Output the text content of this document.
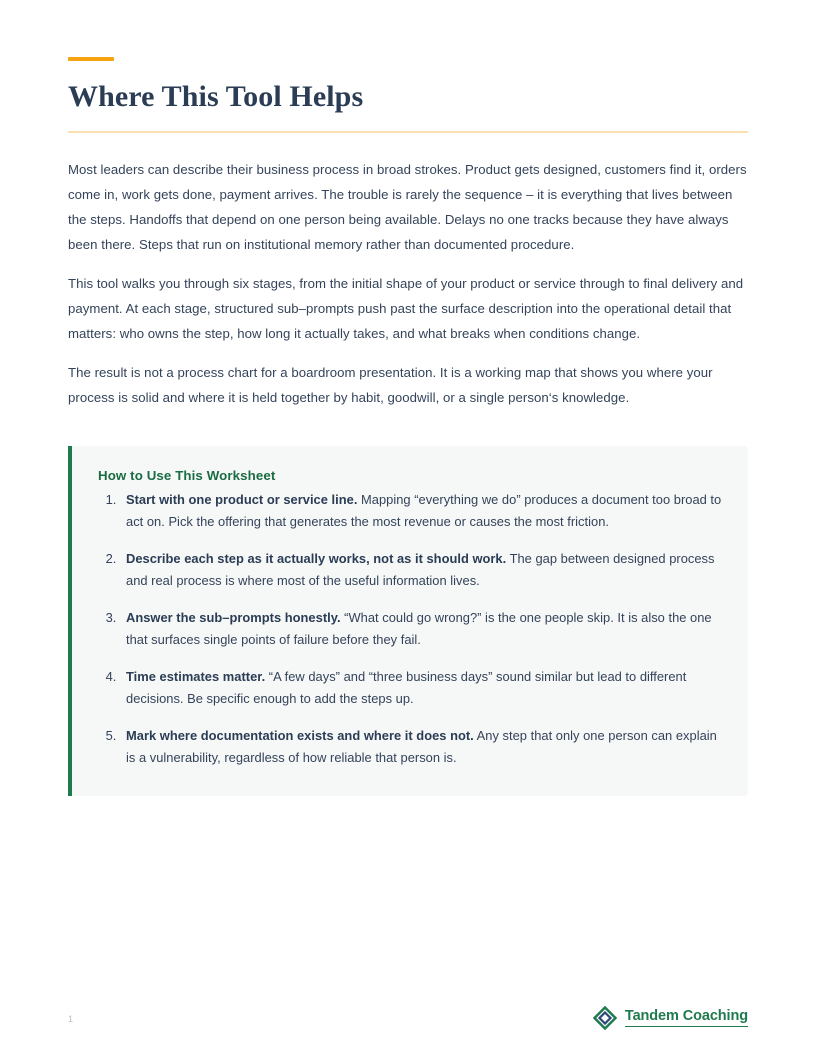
Where This Tool Helps

Most leaders can describe their business process in broad strokes. Product gets designed, customers find it, orders come in, work gets done, payment arrives. The trouble is rarely the sequence – it is everything that lives between the steps. Handoffs that depend on one person being available. Delays no one tracks because they have always been there. Steps that run on institutional memory rather than documented procedure.

This tool walks you through six stages, from the initial shape of your product or service through to final delivery and payment. At each stage, structured sub–prompts push past the surface description into the operational detail that matters: who owns the step, how long it actually takes, and what breaks when conditions change.

The result is not a process chart for a boardroom presentation. It is a working map that shows you where your process is solid and where it is held together by habit, goodwill, or a single person‘s knowledge.

How to Use This Worksheet
1. Start with one product or service line. Mapping “everything we do” produces a document too broad to act on. Pick the offering that generates the most revenue or causes the most friction.
2. Describe each step as it actually works, not as it should work. The gap between designed process and real process is where most of the useful information lives.
3. Answer the sub–prompts honestly. “What could go wrong?” is the one people skip. It is also the one that surfaces single points of failure before they fail.
4. Time estimates matter. “A few days” and “three business days” sound similar but lead to different decisions. Be specific enough to add the steps up.
5. Mark where documentation exists and where it does not. Any step that only one person can explain is a vulnerability, regardless of how reliable that person is.
1	Tandem Coaching
